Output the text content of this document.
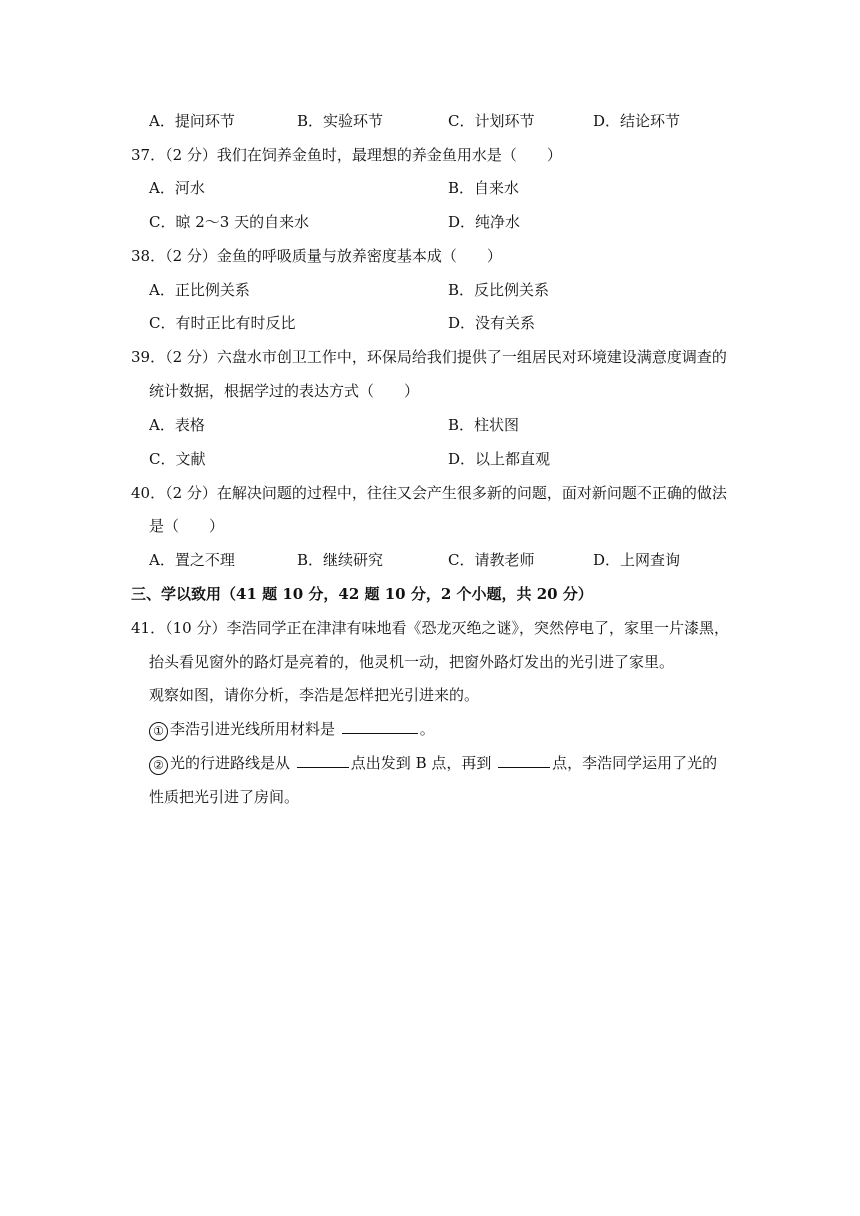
A．提问环节	B．实验环节	C．计划环节	D．结论环节
37．（2 分）我们在饲养金鱼时，最理想的养金鱼用水是（　　）
A．河水	B．自来水
C．晾 2～3 天的自来水	D．纯净水
38．（2 分）金鱼的呼吸质量与放养密度基本成（　　）
A．正比例关系	B．反比例关系
C．有时正比有时反比	D．没有关系
39．（2 分）六盘水市创卫工作中，环保局给我们提供了一组居民对环境建设满意度调查的
统计数据，根据学过的表达方式（　　）
A．表格	B．柱状图
C．文献	D．以上都直观
40．（2 分）在解决问题的过程中，往往又会产生很多新的问题，面对新问题不正确的做法
是（　　）
A．置之不理	B．继续研究	C．请教老师	D．上网查询
三、学以致用（41 题 10 分，42 题 10 分，2 个小题，共 20 分）
41．（10 分）李浩同学正在津津有味地看《恐龙灭绝之谜》，突然停电了，家里一片漆黑，
抬头看见窗外的路灯是亮着的，他灵机一动，把窗外路灯发出的光引进了家里。
观察如图，请你分析，李浩是怎样把光引进来的。
① 李浩引进光线所用材料是	。
② 光的行进路线是从	点出发到 B 点，再到	点，李浩同学运用了光的
性质把光引进了房间。
